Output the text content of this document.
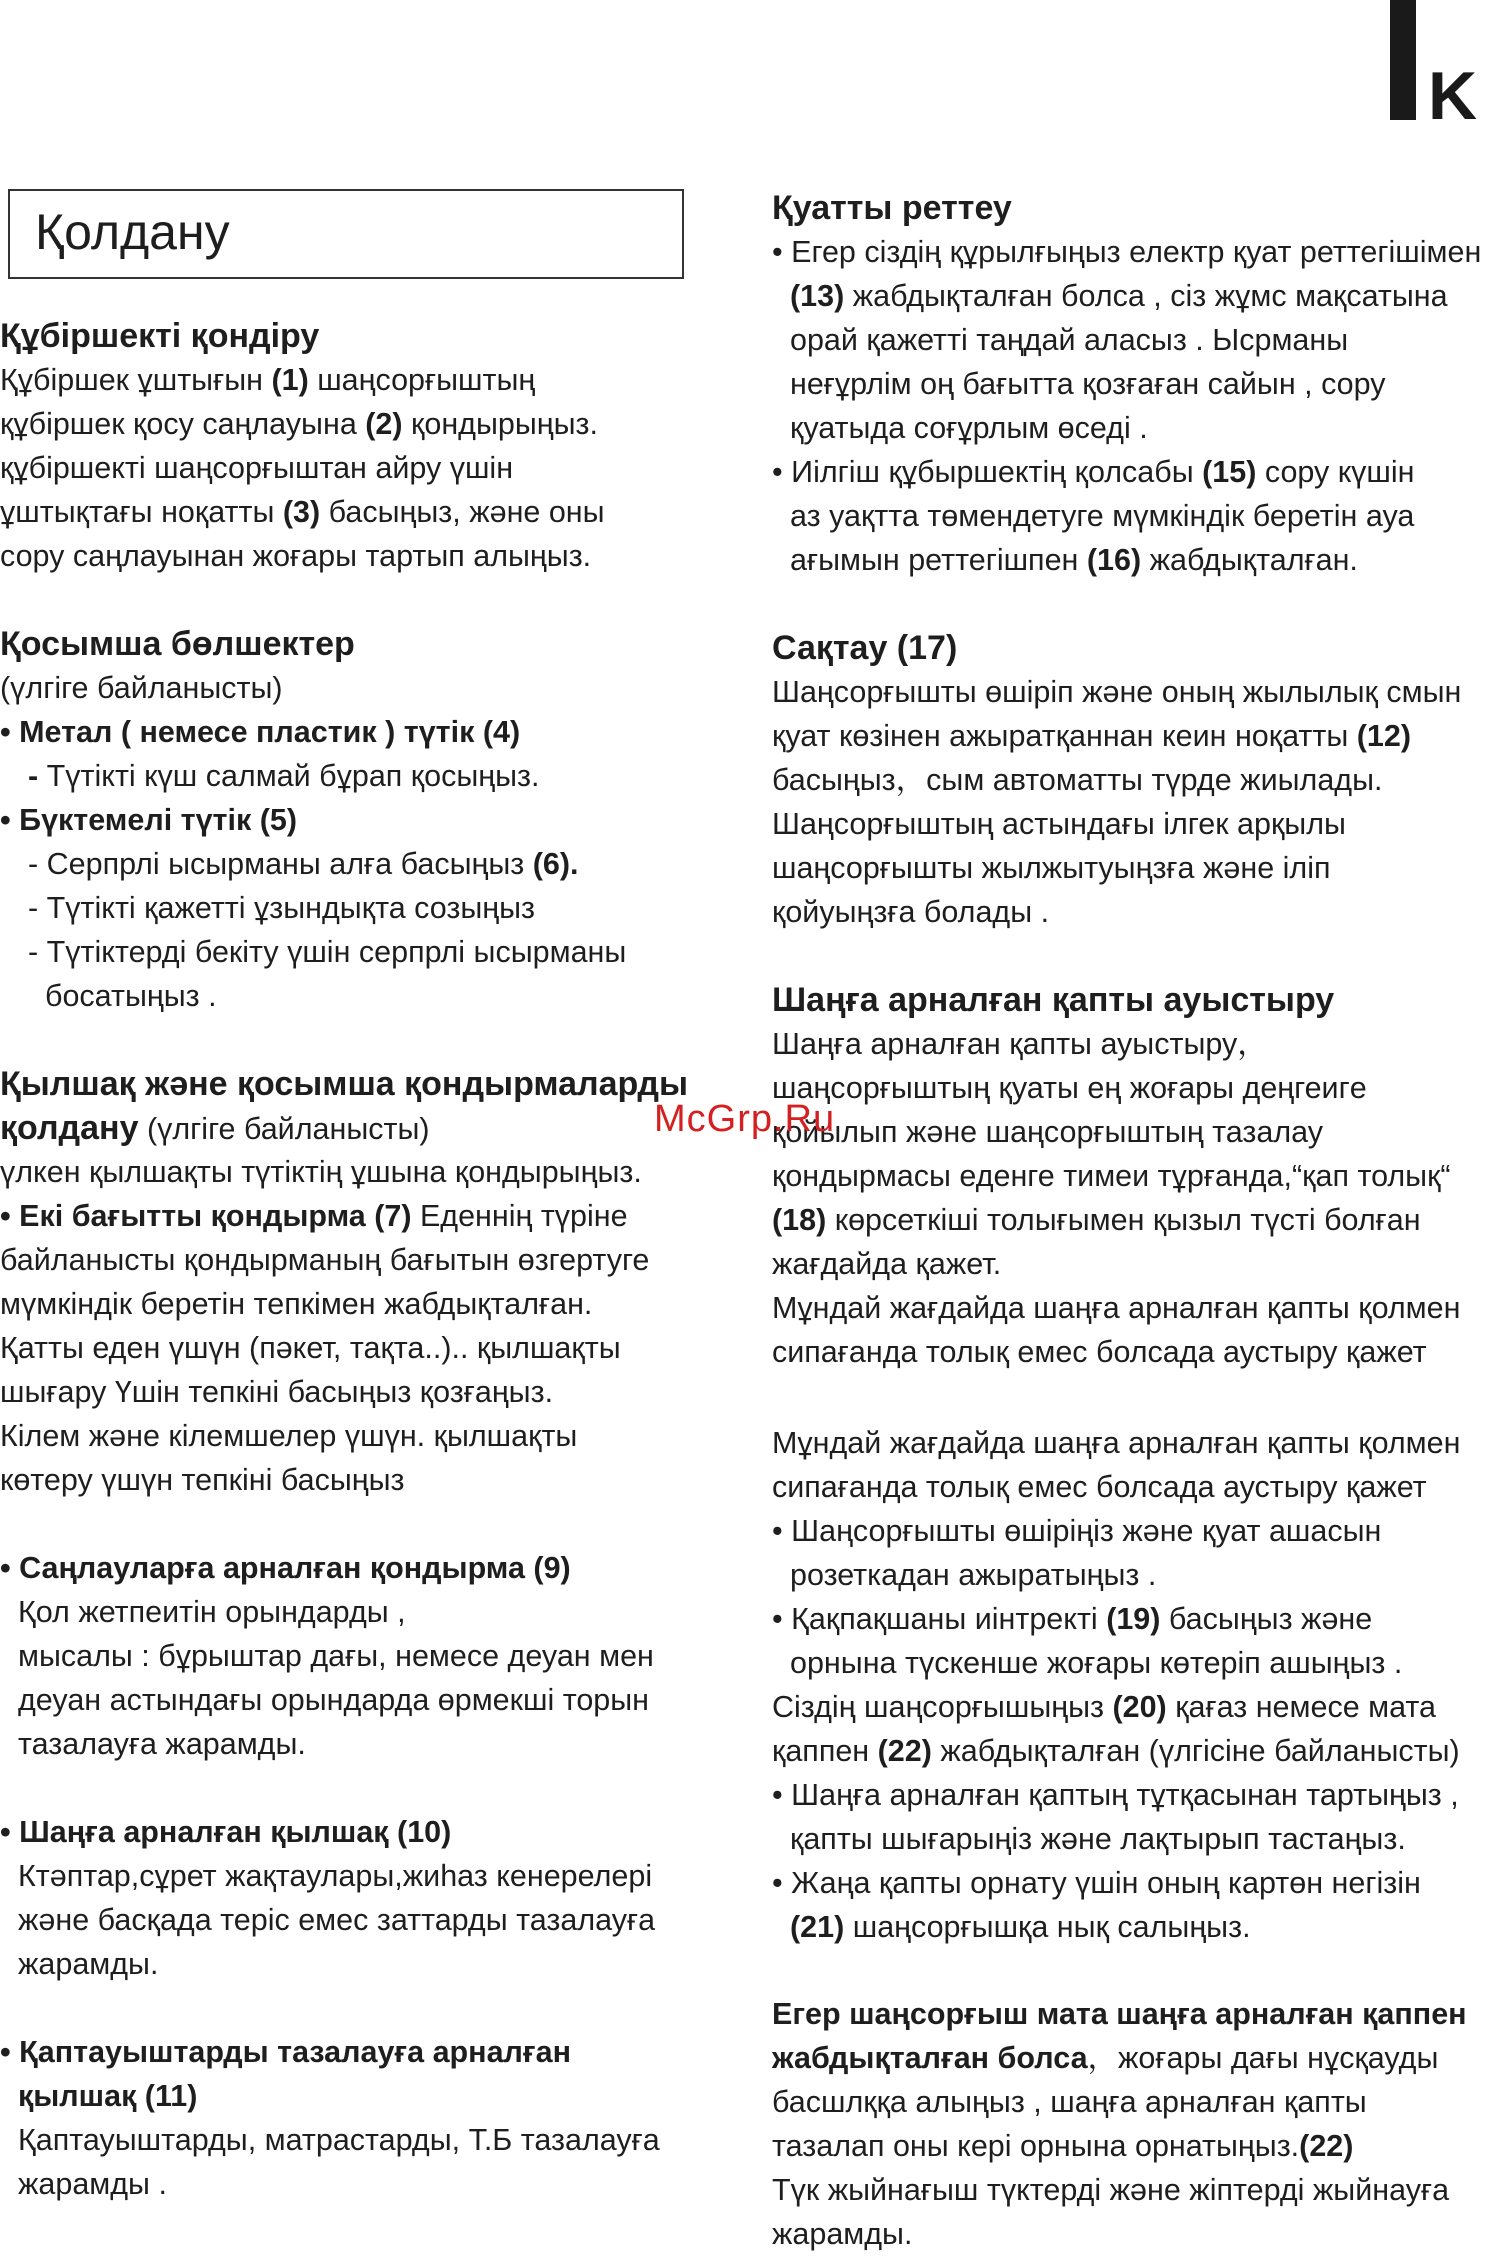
K
Қолдану
Құбіршекті қондіру
Құбіршек ұштығын (1) шаңсорғыштың
құбіршек қосу саңлауына (2) қондырыңыз.
құбіршекті шаңсорғыштан айру үшін
ұштықтағы ноқатты (3) басыңыз, және оны
сору саңлауынан жоғары тартып алыңыз.
Қосымша бөлшектер
(үлгіге байланысты)
• Метал ( немесе пластик ) түтік (4)
- Түтікті күш салмай бұрап қосыңыз.
• Бүктемелі түтік (5)
- Серпрлі ысырманы алға басыңыз (6).
- Түтікті қажетті ұзындықта созыңыз
- Түтіктерді бекіту үшін серпрлі ысырманы
босатыңыз .
Қылшақ және қосымша қондырмаларды
қолдану (үлгіге байланысты)
үлкен қылшақты түтіктің ұшына қондырыңыз.
• Екі бағытты қондырма (7) Еденнің түріне
байланысты қондырманың бағытын өзгертуге
мүмкіндік беретін тепкімен жабдықталған.
Қатты еден үшүн (пәкет, тақта..).. қылшақты
шығару Үшін тепкіні басыңыз қозғаңыз.
Кілем және кілемшелер үшүн. қылшақты
көтеру үшүн тепкіні басыңыз
• Саңлауларға арналған қондырма (9)
Қол жетпеитін орындарды ,
мысалы : бұрыштар дағы, немесе деуан мен
деуан астындағы орындарда өрмекші торын
тазалауға жарамды.
• Шаңға арналған қылшақ (10)
Ктәптар,сұрет жақтаулары,жиһаз кенерелері
және басқада теріс емес заттарды тазалауға
жарамды.
• Қаптауыштарды тазалауға арналған
қылшақ (11)
Қаптауыштарды, матрастарды, Т.Б тазалауға
жарамды .
Қуатты реттеу
• Егер сіздің құрылғыңыз електр қуат реттегішімен
(13) жабдықталған болса , сіз жұмс мақсатына
орай қажетті таңдай аласыз . Ысрманы
неғұрлім оң бағытта қозғаған сайын , сору
қуатыда соғұрлым өседі .
• Иілгіш құбыршектің қолсабы (15) сору күшін
аз уақтта төмендетуге мүмкіндік беретін ауа
ағымын реттегішпен (16) жабдықталған.
Сақтау (17)
Шаңсорғышты өшіріп және оның жылылық смын
қуат көзінен ажыратқаннан кеин ноқатты (12)
басыңыз，сым автоматты түрде жиылады.
Шаңсорғыштың астындағы ілгек арқылы
шаңсорғышты жылжытуыңзға және іліп
қойуыңзға болады .
Шаңға арналған қапты ауыстыру
Шаңға арналған қапты ауыстыру，
шаңсорғыштың қуаты ең жоғары деңгеигe
қойылып және шаңсорғыштың тазалау
қондырмасы еденге тимеи тұрғанда,“қап толық“
(18) көрсеткіші толығымен қызыл түсті болған
жағдайда қажет.
Мұндай жағдайда шаңға арналған қапты қолмен
сипағанда толық емес болсада аустыру қажет
Мұндай жағдайда шаңға арналған қапты қолмен
сипағанда толық емес болсада аустыру қажет
• Шаңсорғышты өшіріңіз және қуат ашасын
розеткадан ажыратыңыз .
• Қақпақшаны иінтректі (19) басыңыз және
орнына түскенше жоғары көтеріп ашыңыз .
Сіздің шаңсорғышыңыз (20) қағаз немесе мата
қаппен (22) жабдықталған (үлгісіне байланысты)
• Шаңға арналған қаптың тұтқасынан тартыңыз ,
қапты шығарыңіз және лақтырып тастаңыз.
• Жаңа қапты орнату үшін оның картөн негізін
(21) шаңсорғышқа нық салыңыз.
Егер шаңсорғыш мата шаңға арналған қаппен
жабдықталған болса，жоғары дағы нұсқауды
басшлққа алыңыз , шаңға арналған қапты
тазалап оны кері орнына орнатыңыз.(22)
Түк жыйнағыш түктерді және жіптерді жыйнауға
жарамды.
McGrp.Ru
